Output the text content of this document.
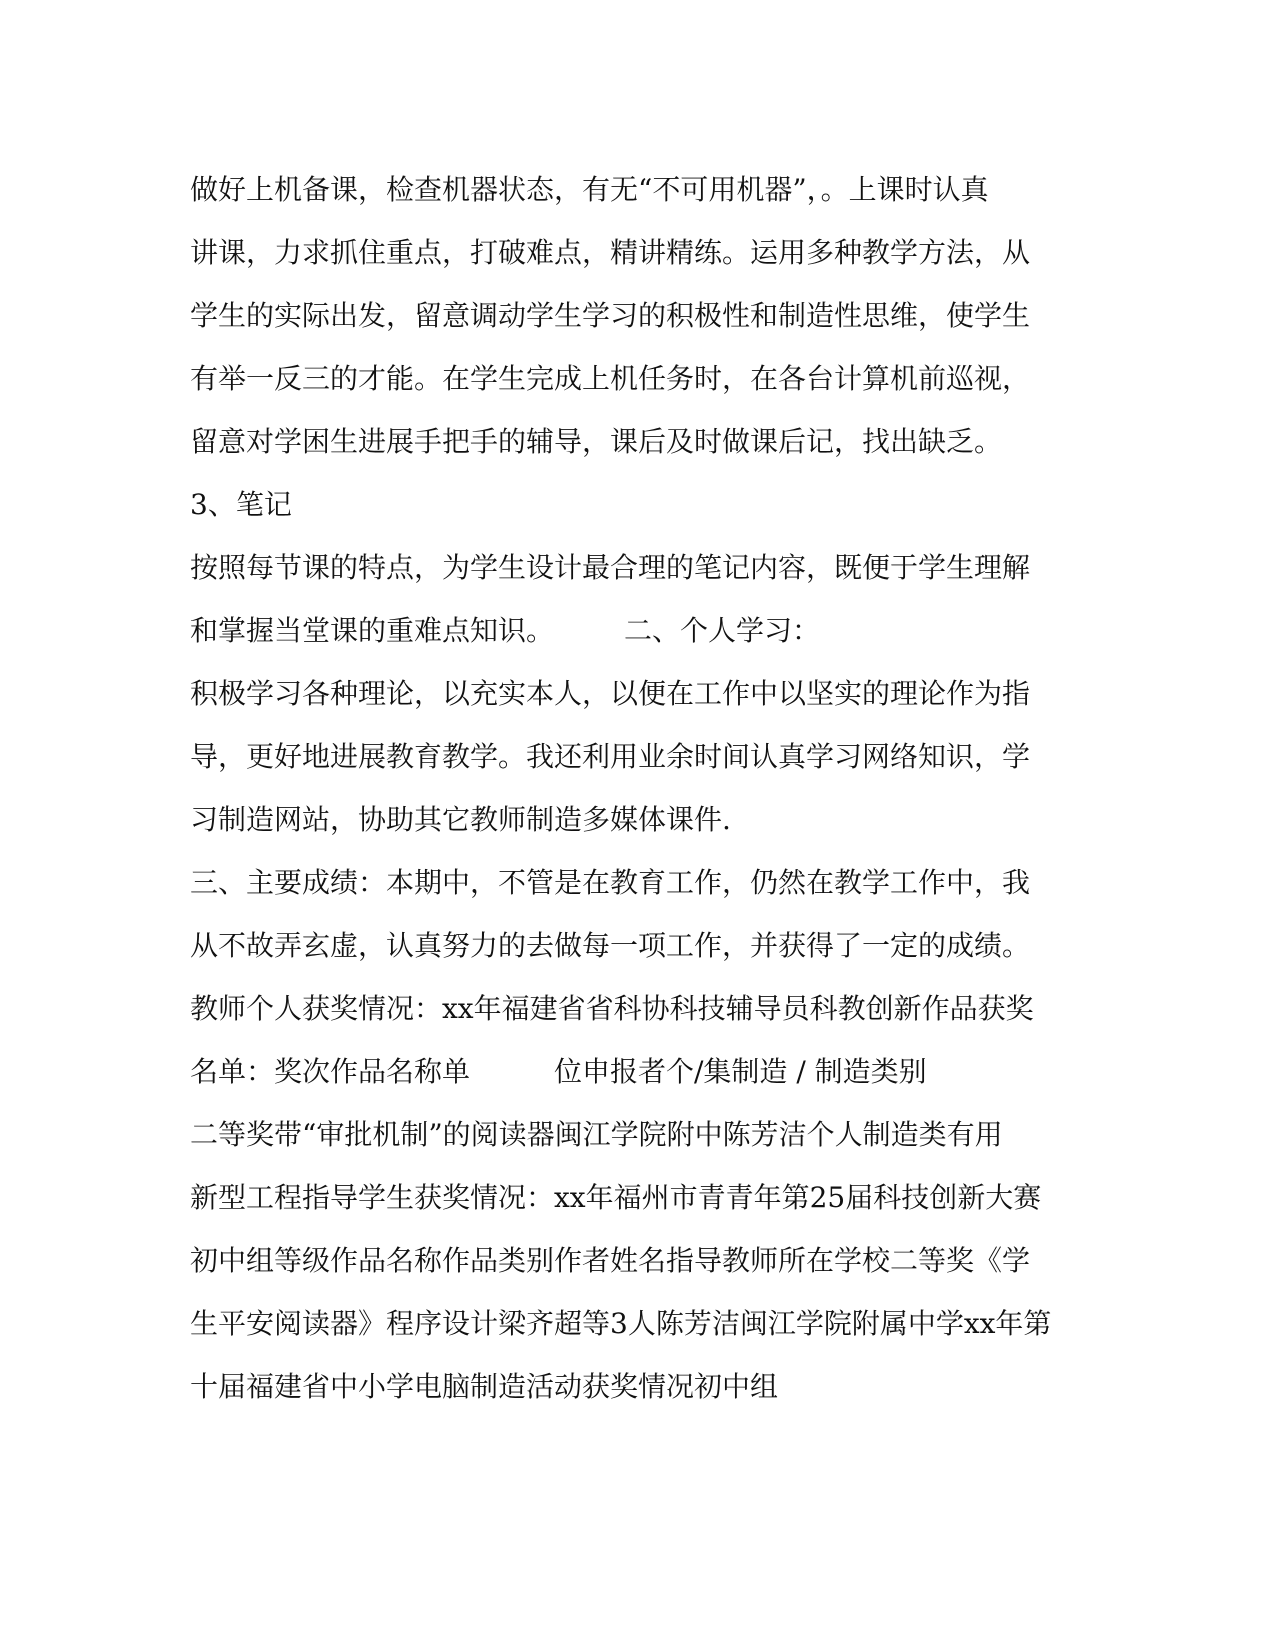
做好上机备课，检查机器状态，有无“不可用机器”，。上课时认真
讲课，力求抓住重点，打破难点，精讲精练。运用多种教学方法，从
学生的实际出发，留意调动学生学习的积极性和制造性思维，使学生
有举一反三的才能。在学生完成上机任务时，在各台计算机前巡视，
留意对学困生进展手把手的辅导，课后及时做课后记，找出缺乏。
3、笔记
按照每节课的特点，为学生设计最合理的笔记内容，既便于学生理解
和掌握当堂课的重难点知识。　　　二、个人学习：
积极学习各种理论，以充实本人，以便在工作中以坚实的理论作为指
导，更好地进展教育教学。我还利用业余时间认真学习网络知识，学
习制造网站，协助其它教师制造多媒体课件.
三、主要成绩：本期中，不管是在教育工作，仍然在教学工作中，我
从不故弄玄虚，认真努力的去做每一项工作，并获得了一定的成绩。
教师个人获奖情况：xx年福建省省科协科技辅导员科教创新作品获奖
名单：奖次作品名称单　　　位申报者个/集制造 / 制造类别
二等奖带“审批机制”的阅读器闽江学院附中陈芳洁个人制造类有用
新型工程指导学生获奖情况：xx年福州市青青年第25届科技创新大赛
初中组等级作品名称作品类别作者姓名指导教师所在学校二等奖《学
生平安阅读器》程序设计梁齐超等3人陈芳洁闽江学院附属中学xx年第
十届福建省中小学电脑制造活动获奖情况初中组
